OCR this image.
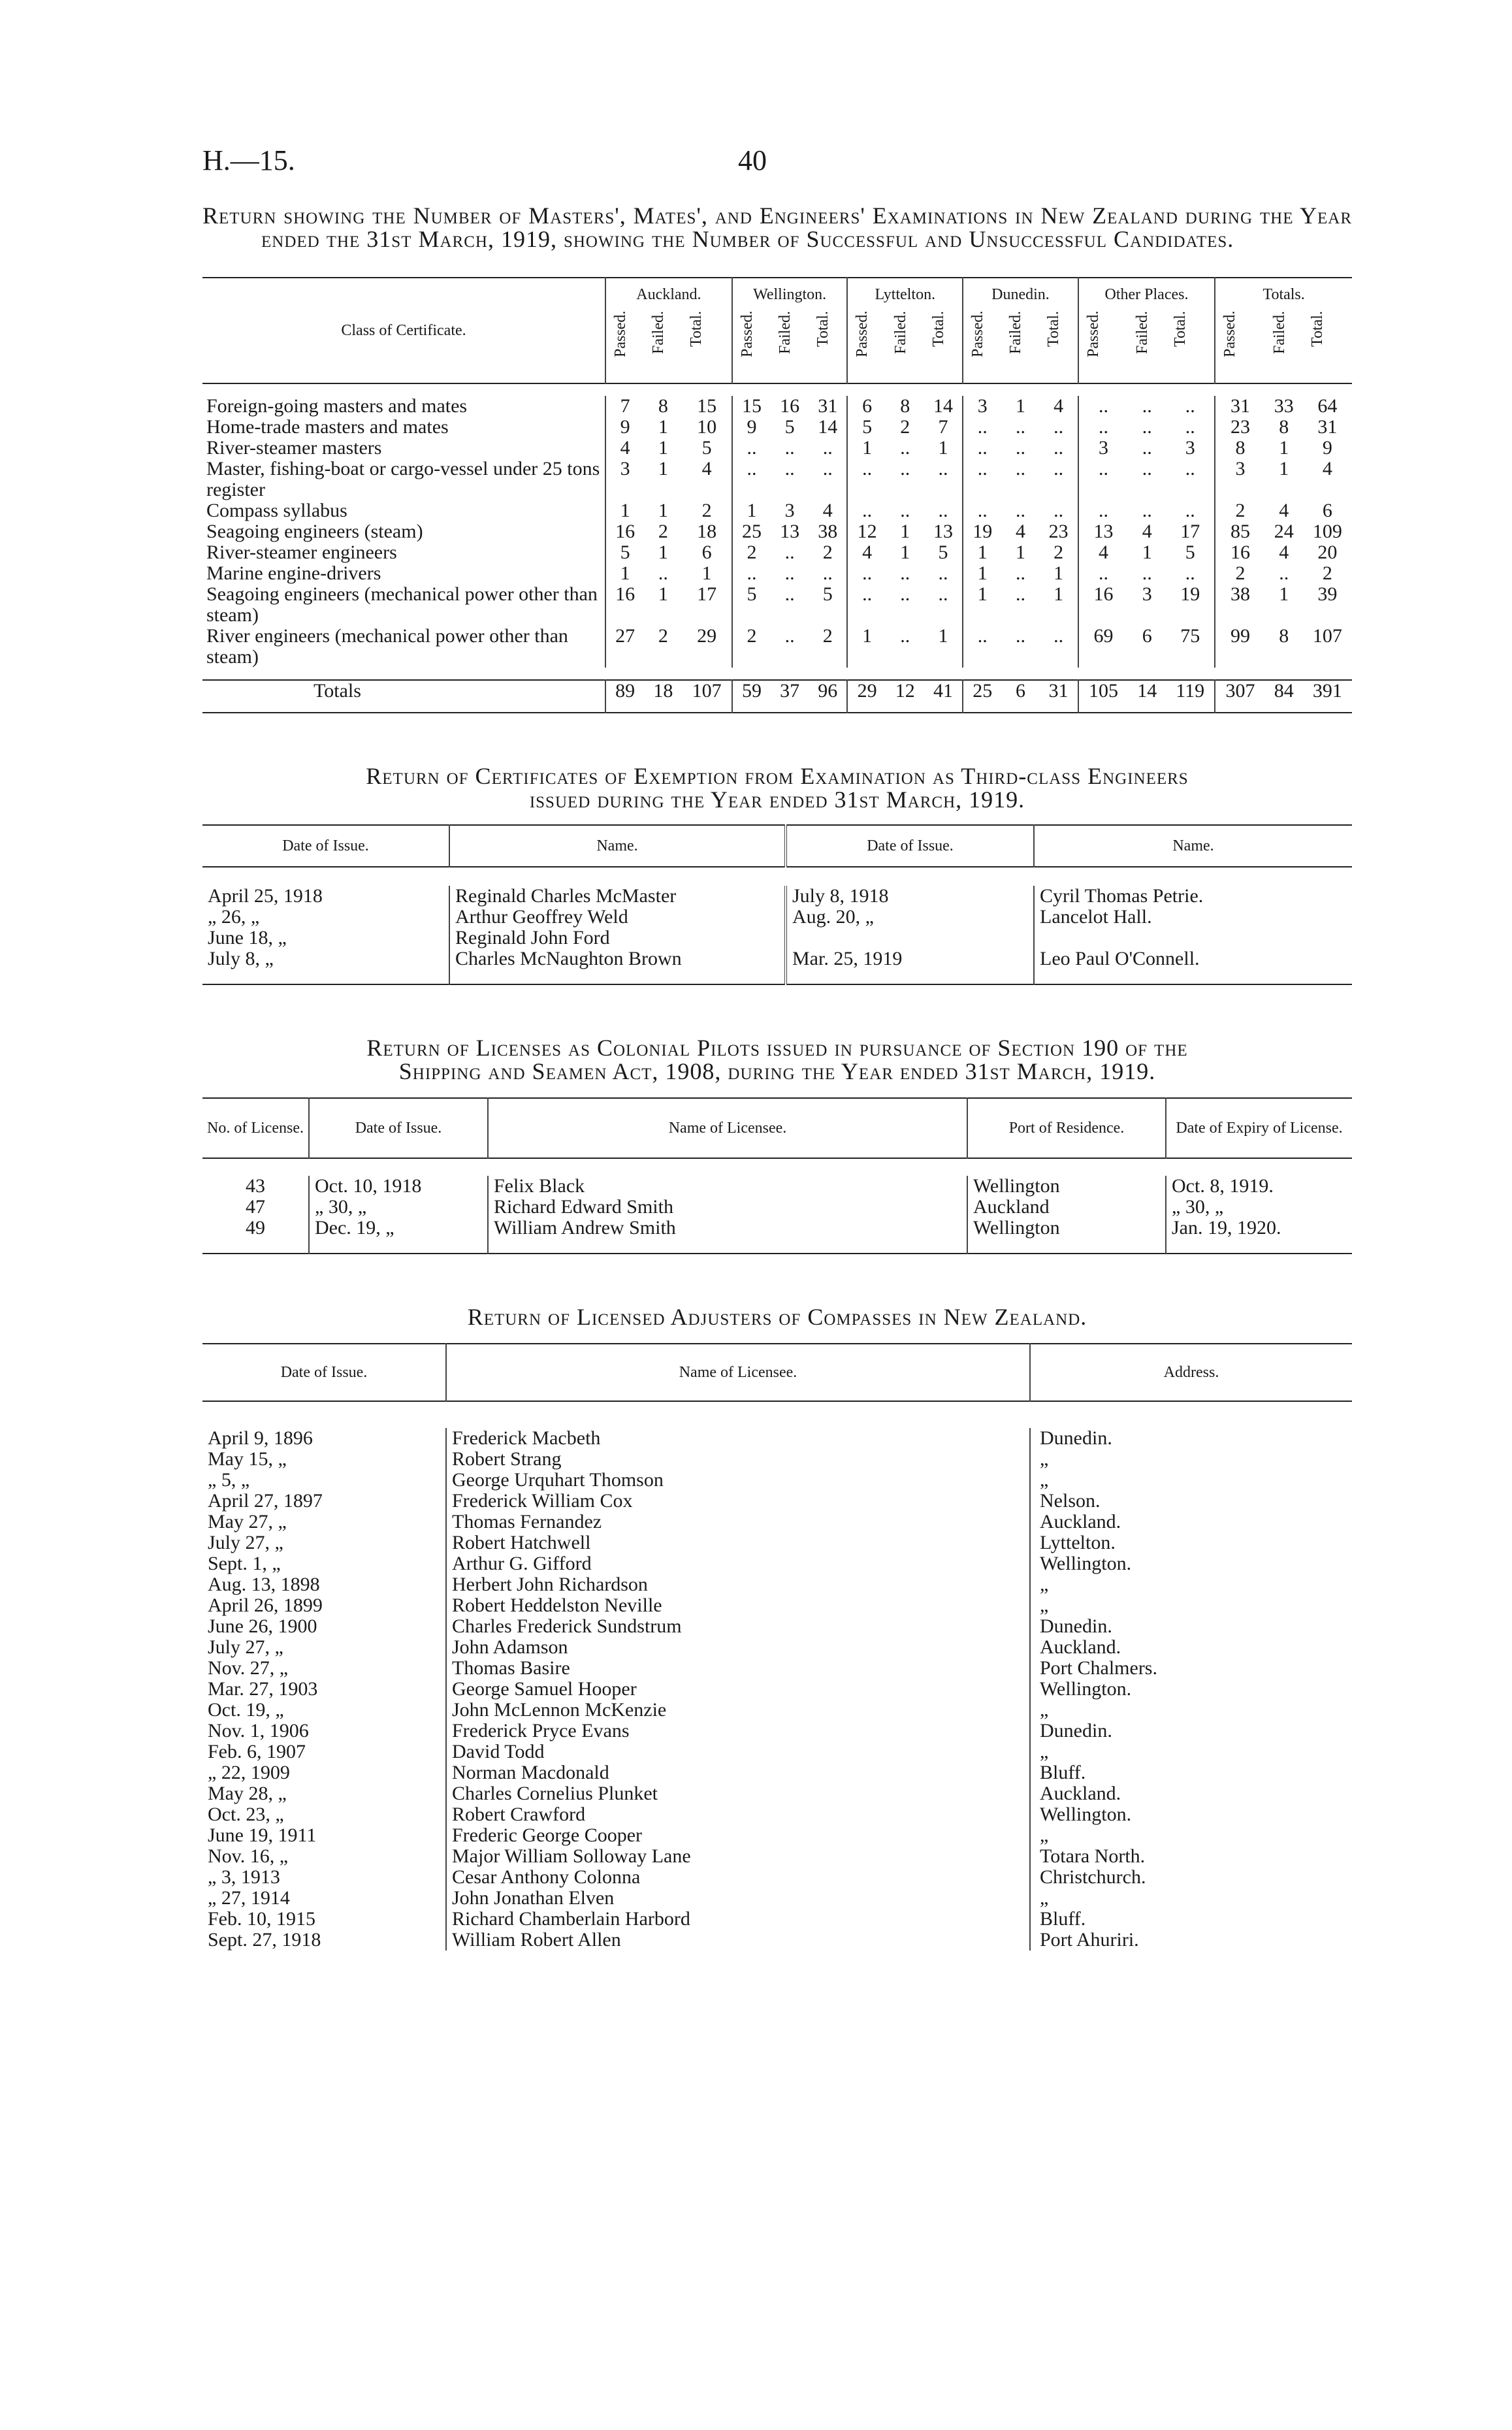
H.—15.	40
Return showing the Number of Masters', Mates', and Engineers' Examinations in New Zealand during the Year ended the 31st March, 1919, showing the Number of Successful and Unsuccessful Candidates.
Class of Certificate.	Auckland.			Wellington.			Lyttelton.			Dunedin.			Other Places.			Totals.		

	Passed.	Failed.	Total.	Passed.	Failed.	Total.	Passed.	Failed.	Total.	Passed.	Failed.	Total.	Passed.	Failed.	Total.	Passed.	Failed.	Total.

Foreign-going masters and mates	7	8	15	15	16	31	6	8	14	3	1	4	..	..	..	31	33	64
Home-trade masters and mates	9	1	10	9	5	14	5	2	7	..	..	..	..	..	..	23	8	31
River-steamer masters	4	1	5	..	..	..	1	..	1	..	..	..	3	..	3	8	1	9
Master, fishing-boat or cargo-vessel under 25 tons register	3	1	4	..	..	..	..	..	..	..	..	..	..	..	..	3	1	4
Compass syllabus	1	1	2	1	3	4	..	..	..	..	..	..	..	..	..	2	4	6
Seagoing engineers (steam)	16	2	18	25	13	38	12	1	13	19	4	23	13	4	17	85	24	109
River-steamer engineers	5	1	6	2	..	2	4	1	5	1	1	2	4	1	5	16	4	20
Marine engine-drivers	1	..	1	..	..	..	..	..	..	1	..	1	..	..	..	2	..	2
Seagoing engineers (mechanical power other than steam)	16	1	17	5	..	5	..	..	..	1	..	1	16	3	19	38	1	39
River engineers (mechanical power other than steam)	27	2	29	2	..	2	1	..	1	..	..	..	69	6	75	99	8	107

Totals	89	18	107	59	37	96	29	12	41	25	6	31	105	14	119	307	84	391
Return of Certificates of Exemption from Examination as Third-class Engineers
issued during the Year ended 31st March, 1919.
Date of Issue.	Name.	Date of Issue.	Name.

April 25, 1918	Reginald Charles McMaster	July 8, 1918	Cyril Thomas Petrie.
„ 26, „	Arthur Geoffrey Weld	Aug. 20, „	Lancelot Hall.
June 18, „	Reginald John Ford		
July 8, „	Charles McNaughton Brown	Mar. 25, 1919	Leo Paul O'Connell.
Return of Licenses as Colonial Pilots issued in pursuance of Section 190 of the
Shipping and Seamen Act, 1908, during the Year ended 31st March, 1919.
No. of License.	Date of Issue.	Name of Licensee.	Port of Residence.	Date of Expiry of License.

43	Oct. 10, 1918	Felix Black	Wellington	Oct. 8, 1919.
47	„ 30, „	Richard Edward Smith	Auckland	„ 30, „
49	Dec. 19, „	William Andrew Smith	Wellington	Jan. 19, 1920.
Return of Licensed Adjusters of Compasses in New Zealand.
Date of Issue.	Name of Licensee.	Address.

April 9, 1896	Frederick Macbeth	Dunedin.
May 15, „	Robert Strang	„
„ 5, „	George Urquhart Thomson	„
April 27, 1897	Frederick William Cox	Nelson.
May 27, „	Thomas Fernandez	Auckland.
July 27, „	Robert Hatchwell	Lyttelton.
Sept. 1, „	Arthur G. Gifford	Wellington.
Aug. 13, 1898	Herbert John Richardson	„
April 26, 1899	Robert Heddelston Neville	„
June 26, 1900	Charles Frederick Sundstrum	Dunedin.
July 27, „	John Adamson	Auckland.
Nov. 27, „	Thomas Basire	Port Chalmers.
Mar. 27, 1903	George Samuel Hooper	Wellington.
Oct. 19, „	John McLennon McKenzie	„
Nov. 1, 1906	Frederick Pryce Evans	Dunedin.
Feb. 6, 1907	David Todd	„
„ 22, 1909	Norman Macdonald	Bluff.
May 28, „	Charles Cornelius Plunket	Auckland.
Oct. 23, „	Robert Crawford	Wellington.
June 19, 1911	Frederic George Cooper	„
Nov. 16, „	Major William Solloway Lane	Totara North.
„ 3, 1913	Cesar Anthony Colonna	Christchurch.
„ 27, 1914	John Jonathan Elven	„
Feb. 10, 1915	Richard Chamberlain Harbord	Bluff.
Sept. 27, 1918	William Robert Allen	Port Ahuriri.
